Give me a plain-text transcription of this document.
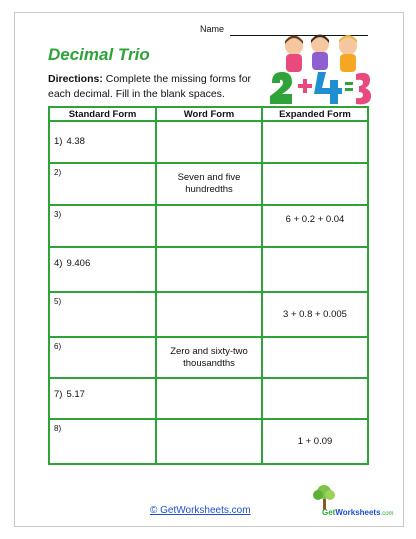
Name
Decimal Trio
Directions: Complete the missing forms for each decimal. Fill in the blank spaces.
Standard Form	Word Form	Expanded Form

1) 4.38		

2)	Seven and five hundredths	

3)		6 + 0.2 + 0.04

4) 9.406		

5)		3 + 0.8 + 0.005

6)	Zero and sixty-two thousandths	

7) 5.17		

8)		1 + 0.09
© GetWorksheets.com	GetWorksheets.com
